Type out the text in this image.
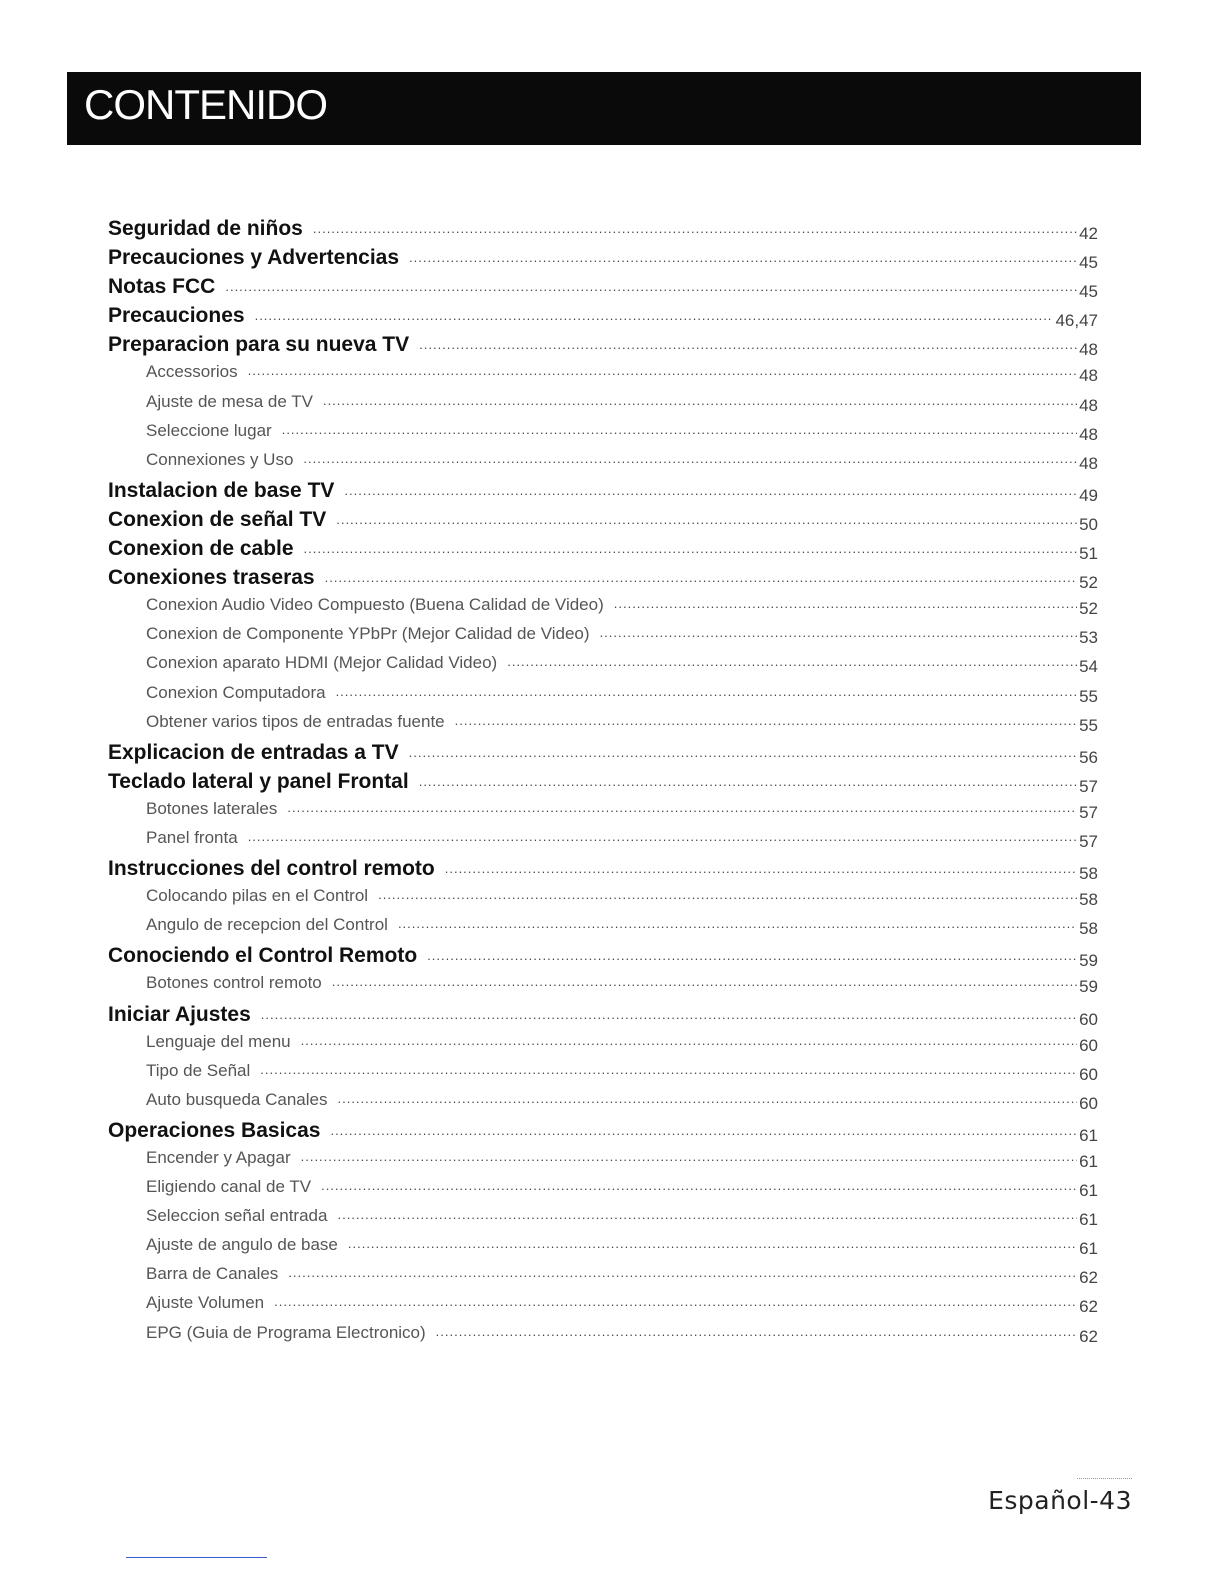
CONTENIDO
Seguridad de niños .....	42
Precauciones y Advertencias .....	45
Notas FCC .....	45
Precauciones .....	46,47
Preparacion para su nueva TV .....	48
Accessorios .....	48
Ajuste de mesa de TV .....	48
Seleccione lugar .....	48
Connexiones y Uso .....	48
Instalacion de base TV .....	49
Conexion de señal TV .....	50
Conexion de cable .....	51
Conexiones traseras .....	52
Conexion Audio Video Compuesto (Buena Calidad de Video) .....	52
Conexion de Componente YPbPr (Mejor Calidad de Video) .....	53
Conexion aparato HDMI (Mejor Calidad Video) .....	54
Conexion Computadora .....	55
Obtener varios tipos de entradas fuente .....	55
Explicacion de entradas a TV .....	56
Teclado lateral y panel Frontal .....	57
Botones laterales .....	57
Panel fronta .....	57
Instrucciones del control remoto .....	58
Colocando pilas en el Control .....	58
Angulo de recepcion del Control .....	58
Conociendo el Control Remoto .....	59
Botones control remoto .....	59
Iniciar Ajustes .....	60
Lenguaje del menu .....	60
Tipo de Señal .....	60
Auto busqueda Canales .....	60
Operaciones Basicas .....	61
Encender y Apagar .....	61
Eligiendo canal de TV .....	61
Seleccion señal entrada .....	61
Ajuste de angulo de base .....	61
Barra de Canales .....	62
Ajuste Volumen .....	62
EPG (Guia de Programa Electronico) .....	62
Español-43
